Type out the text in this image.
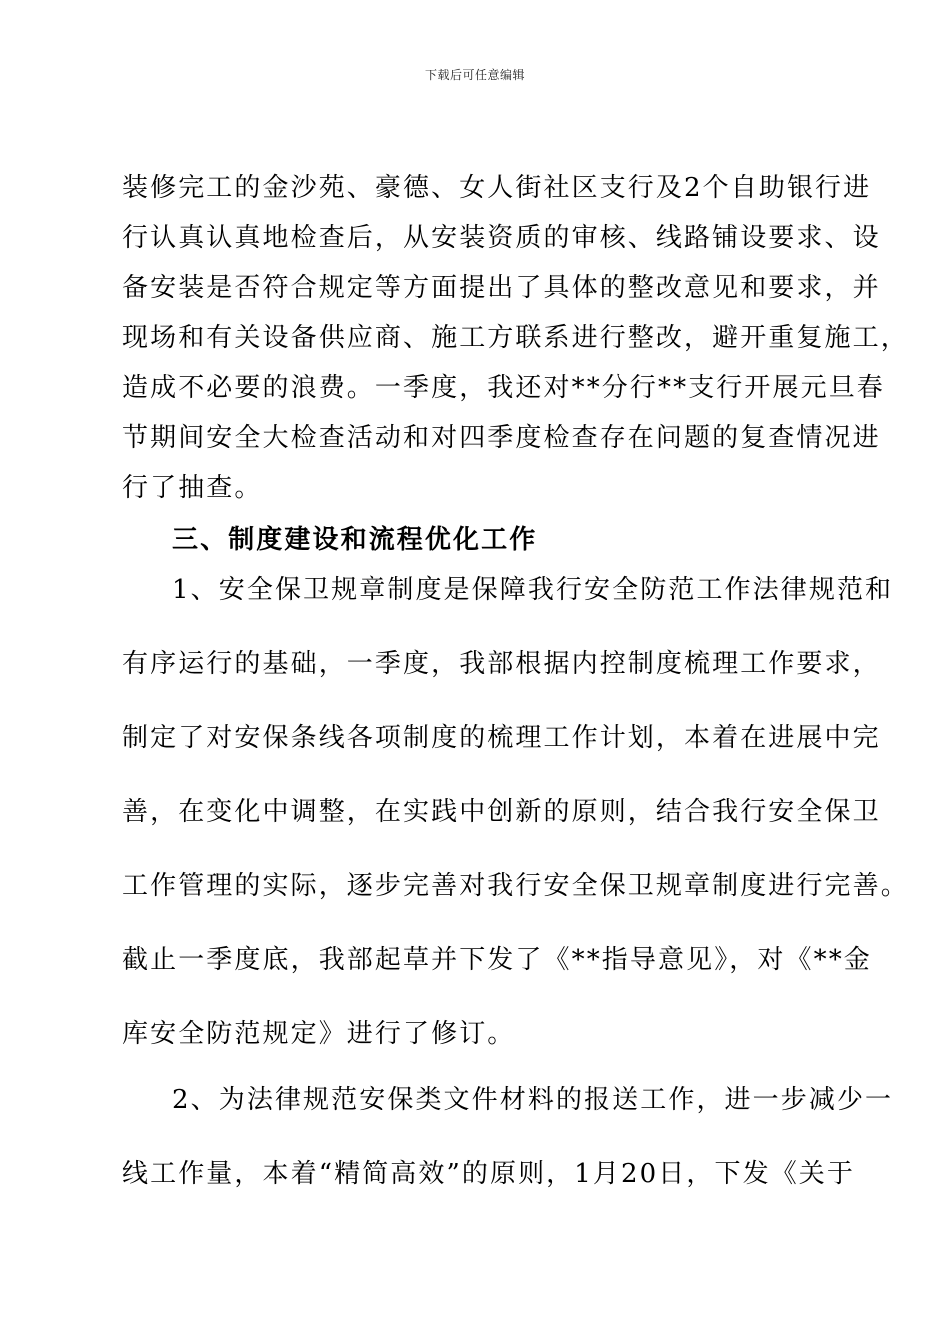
下载后可任意编辑
装修完工的金沙苑、豪德、女人街社区支行及2个自助银行进
行认真认真地检查后，从安装资质的审核、线路铺设要求、设
备安装是否符合规定等方面提出了具体的整改意见和要求，并
现场和有关设备供应商、施工方联系进行整改，避开重复施工，
造成不必要的浪费。一季度，我还对**分行**支行开展元旦春
节期间安全大检查活动和对四季度检查存在问题的复查情况进
行了抽查。
三、制度建设和流程优化工作
1、安全保卫规章制度是保障我行安全防范工作法律规范和
有序运行的基础，一季度，我部根据内控制度梳理工作要求，
制定了对安保条线各项制度的梳理工作计划，本着在进展中完
善，在变化中调整，在实践中创新的原则，结合我行安全保卫
工作管理的实际，逐步完善对我行安全保卫规章制度进行完善。
截止一季度底，我部起草并下发了《**指导意见》，对《**金
库安全防范规定》进行了修订。
2、为法律规范安保类文件材料的报送工作，进一步减少一
线工作量，本着“精简高效”的原则，1月20日，下发《关于
